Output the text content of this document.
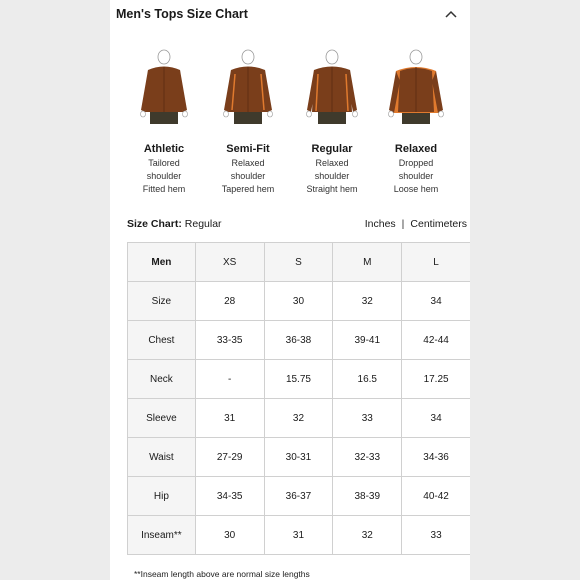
Men's Tops Size Chart
Athletic
Tailored
shoulder
Fitted hem
Semi-Fit
Relaxed
shoulder
Tapered hem
Regular
Relaxed
shoulder
Straight hem
Relaxed
Dropped
shoulder
Loose hem
Size Chart: Regular	Inches | Centimeters
Men	XS	S	M	L
Size	28	30	32	34
Chest	33-35	36-38	39-41	42-44
Neck	-	15.75	16.5	17.25
Sleeve	31	32	33	34
Waist	27-29	30-31	32-33	34-36
Hip	34-35	36-37	38-39	40-42
Inseam**	30	31	32	33
**Inseam length above are normal size lengths
